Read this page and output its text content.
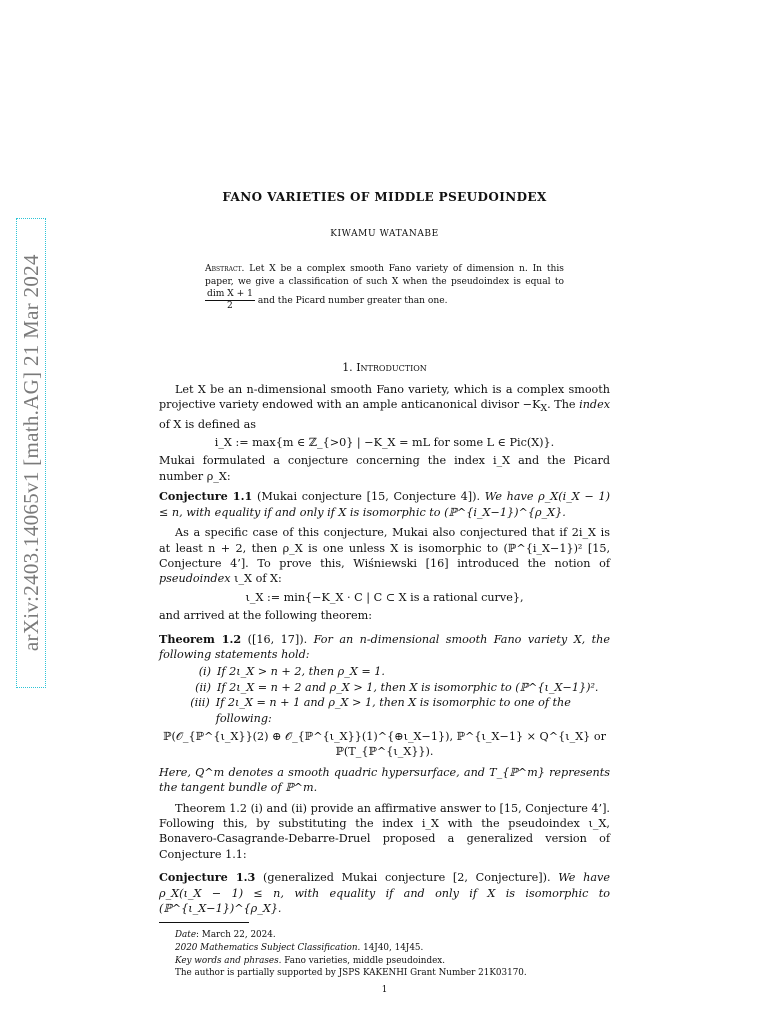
arXiv:2403.14065v1 [math.AG] 21 Mar 2024
FANO VARIETIES OF MIDDLE PSEUDOINDEX
KIWAMU WATANABE
Abstract. Let X be a complex smooth Fano variety of dimension n. In this paper, we give a classification of such X when the pseudoindex is equal to
$\frac{\text{dim X + 1}}{2}$ and the Picard number greater than one.
1. Introduction

Let X be an n-dimensional smooth Fano variety, which is a complex smooth projective variety endowed with an ample anticanonical divisor $-K_X$. The index of X is defined as

i_X := max{m ∈ ℤ_{>0} | −K_X = mL for some L ∈ Pic(X)}.

Mukai formulated a conjecture concerning the index i_X and the Picard number ρ_X:

Conjecture 1.1 (Mukai conjecture [15, Conjecture 4]). We have ρ_X(i_X − 1) ≤ n, with equality if and only if X is isomorphic to (ℙ^{i_X−1})^{ρ_X}.

As a specific case of this conjecture, Mukai also conjectured that if 2i_X is at least n + 2, then ρ_X is one unless X is isomorphic to (ℙ^{i_X−1})² [15, Conjecture 4’]. To prove this, Wiśniewski [16] introduced the notion of pseudoindex ι_X of X:

ι_X := min{−K_X · C | C ⊂ X is a rational curve},

and arrived at the following theorem:

Theorem 1.2 ([16, 17]). For an n-dimensional smooth Fano variety X, the following statements hold:

(i) If 2ι_X > n + 2, then ρ_X = 1.
(ii) If 2ι_X = n + 2 and ρ_X > 1, then X is isomorphic to (ℙ^{ι_X−1})².
(iii) If 2ι_X = n + 1 and ρ_X > 1, then X is isomorphic to one of the following:
ℙ(𝒪_{ℙ^{ι_X}}(2) ⊕ 𝒪_{ℙ^{ι_X}}(1)^{⊕ι_X−1}), ℙ^{ι_X−1} × Q^{ι_X} or ℙ(T_{ℙ^{ι_X}}).

Here, Q^m denotes a smooth quadric hypersurface, and T_{ℙ^m} represents the tangent bundle of ℙ^m.

Theorem 1.2 (i) and (ii) provide an affirmative answer to [15, Conjecture 4’]. Following this, by substituting the index i_X with the pseudoindex ι_X, Bonavero-Casagrande-Debarre-Druel proposed a generalized version of Conjecture 1.1:

Conjecture 1.3 (generalized Mukai conjecture [2, Conjecture]). We have ρ_X(ι_X − 1) ≤ n, with equality if and only if X is isomorphic to (ℙ^{ι_X−1})^{ρ_X}.

Date: March 22, 2024.
2020 Mathematics Subject Classification. 14J40, 14J45.
Key words and phrases. Fano varieties, middle pseudoindex.
The author is partially supported by JSPS KAKENHI Grant Number 21K03170.
1
